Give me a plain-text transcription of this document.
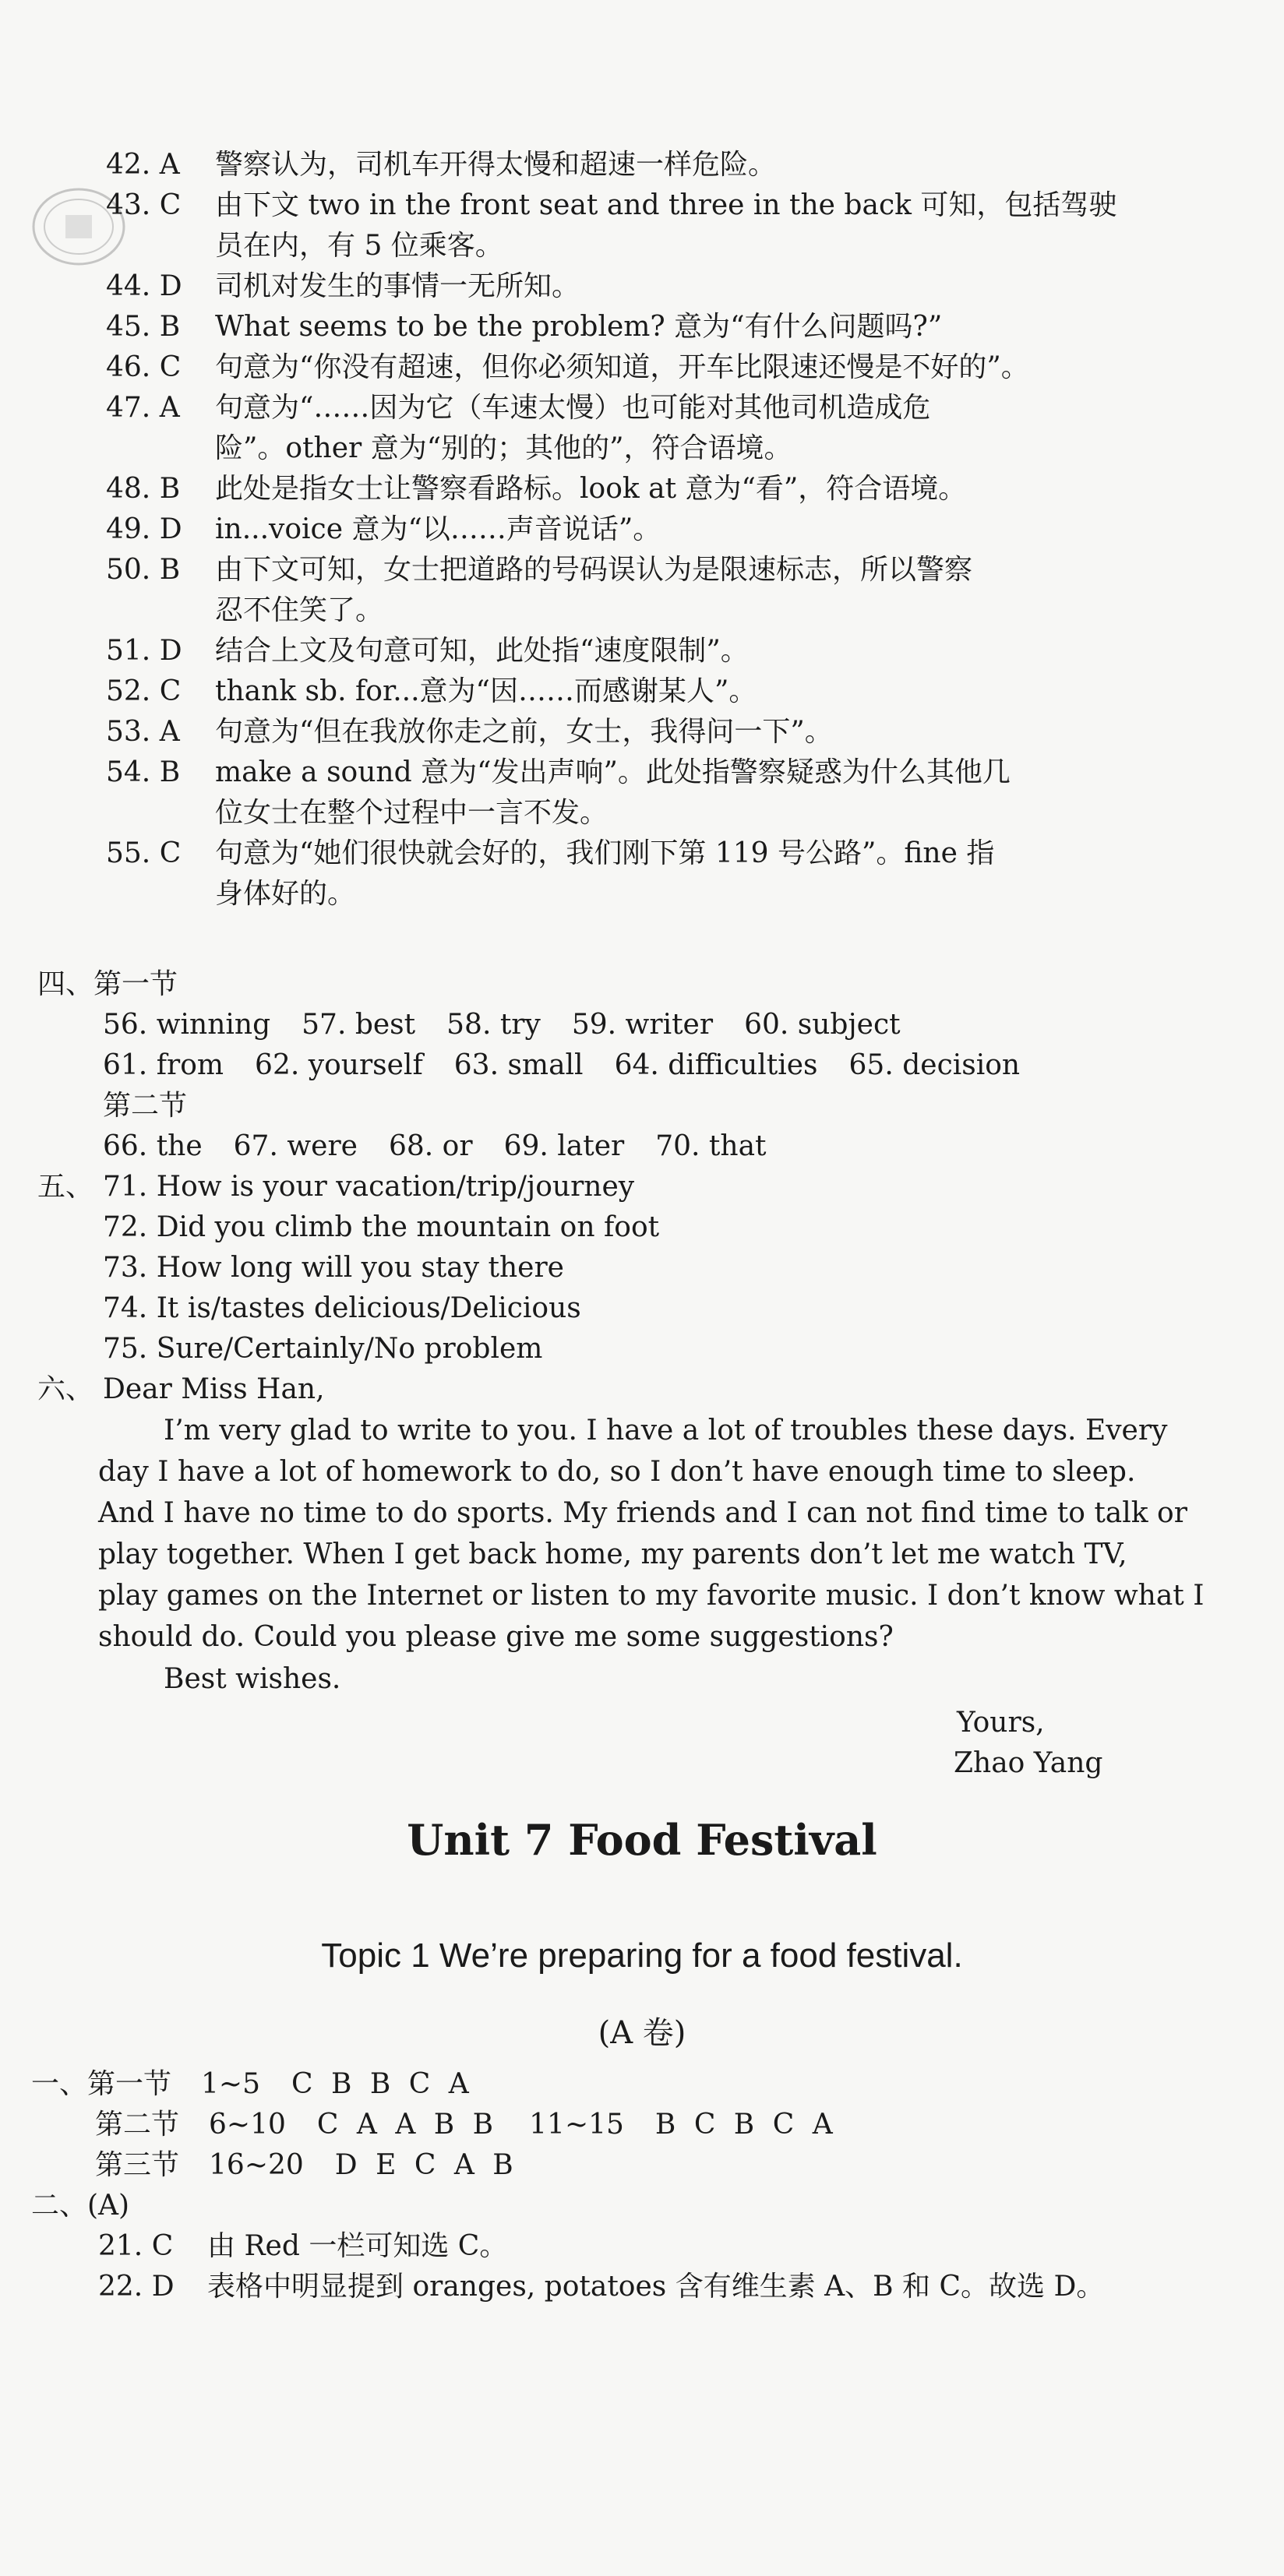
42. A	警察认为，司机车开得太慢和超速一样危险。
43. C	由下文 two in the front seat and three in the back 可知，包括驾驶
员在内，有 5 位乘客。
44. D	司机对发生的事情一无所知。
45. B	What seems to be the problem? 意为“有什么问题吗?”
46. C	句意为“你没有超速，但你必须知道，开车比限速还慢是不好的”。
47. A	句意为“……因为它（车速太慢）也可能对其他司机造成危
险”。other 意为“别的；其他的”，符合语境。
48. B	此处是指女士让警察看路标。look at 意为“看”，符合语境。
49. D	in...voice 意为“以……声音说话”。
50. B	由下文可知，女士把道路的号码误认为是限速标志，所以警察
忍不住笑了。
51. D	结合上文及句意可知，此处指“速度限制”。
52. C	thank sb. for...意为“因……而感谢某人”。
53. A	句意为“但在我放你走之前，女士，我得问一下”。
54. B	make a sound 意为“发出声响”。此处指警察疑惑为什么其他几
位女士在整个过程中一言不发。
55. C	句意为“她们很快就会好的，我们刚下第 119 号公路”。fine 指
身体好的。
四、第一节
56. winning 57. best 58. try 59. writer 60. subject
61. from 62. yourself 63. small 64. difficulties 65. decision
第二节
66. the 67. were 68. or 69. later 70. that
五、 71. How is your vacation/trip/journey
72. Did you climb the mountain on foot
73. How long will you stay there
74. It is/tastes delicious/Delicious
75. Sure/Certainly/No problem
六、 Dear Miss Han,
I’m very glad to write to you. I have a lot of troubles these days. Every
day I have a lot of homework to do, so I don’t have enough time to sleep.
And I have no time to do sports. My friends and I can not find time to talk or
play together. When I get back home, my parents don’t let me watch TV,
play games on the Internet or listen to my favorite music. I don’t know what I
should do. Could you please give me some suggestions?
Best wishes.
Yours,
Zhao Yang
Unit 7 Food Festival
Topic 1 We’re preparing for a food festival.
(A 卷)
一、第一节 1~5 C B B C A
第二节 6~10 C A A B B 11~15 B C B C A
第三节 16~20 D E C A B
二、(A)
21. C	由 Red 一栏可知选 C。
22. D	表格中明显提到 oranges, potatoes 含有维生素 A、B 和 C。故选 D。
